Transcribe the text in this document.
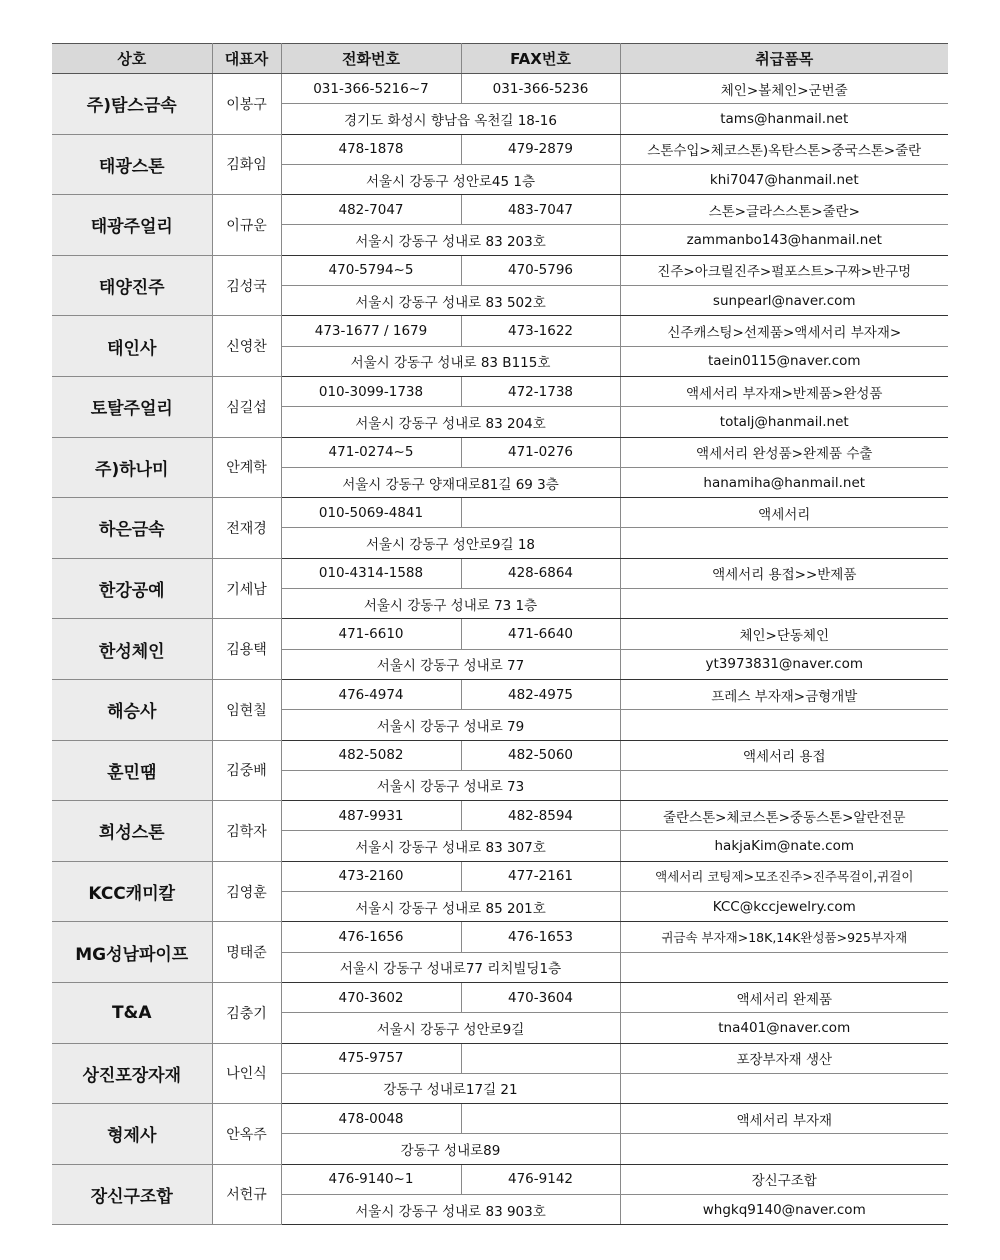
상호	대표자	전화번호	FAX번호	취급품목
주)탐스금속	이봉구	031-366-5216~7	031-366-5236	체인>볼체인>군번줄
		경기도 화성시 향남읍 옥천길 18-16		tams@hanmail.net
태광스톤	김화임	478-1878	479-2879	스톤수입>체코스톤)옥탄스톤>중국스톤>줄란
		서울시 강동구 성안로45 1층		khi7047@hanmail.net
태광주얼리	이규운	482-7047	483-7047	스톤>글라스스톤>줄란>
		서울시 강동구 성내로 83 203호		zammanbo143@hanmail.net
태양진주	김성국	470-5794~5	470-5796	진주>아크릴진주>펄포스트>구짜>반구멍
		서울시 강동구 성내로 83 502호		sunpearl@naver.com
태인사	신영찬	473-1677 / 1679	473-1622	신주캐스팅>선제품>액세서리 부자재>
		서울시 강동구 성내로 83 B115호		taein0115@naver.com
토탈주얼리	심길섭	010-3099-1738	472-1738	액세서리 부자재>반제품>완성품
		서울시 강동구 성내로 83 204호		totalj@hanmail.net
주)하나미	안계학	471-0274~5	471-0276	액세서리 완성품>완제품 수출
		서울시 강동구 양재대로81길 69 3층		hanamiha@hanmail.net
하은금속	전재경	010-5069-4841		액세서리
		서울시 강동구 성안로9길 18		
한강공예	기세남	010-4314-1588	428-6864	액세서리 용접>>반제품
		서울시 강동구 성내로 73 1층		
한성체인	김용택	471-6610	471-6640	체인>단동체인
		서울시 강동구 성내로 77		yt3973831@naver.com
해승사	임현칠	476-4974	482-4975	프레스 부자재>금형개발
		서울시 강동구 성내로 79		
훈민땜	김중배	482-5082	482-5060	액세서리 용접
		서울시 강동구 성내로 73		
희성스톤	김학자	487-9931	482-8594	줄란스톤>체코스톤>중동스톤>알란전문
		서울시 강동구 성내로 83 307호		hakjaKim@nate.com
KCC캐미칼	김영훈	473-2160	477-2161	액세서리 코팅제>모조진주>진주목걸이,귀걸이
		서울시 강동구 성내로 85 201호		KCC@kccjewelry.com
MG성남파이프	명태준	476-1656	476-1653	귀금속 부자재>18K,14K완성품>925부자재
		서울시 강동구 성내로77 리치빌딩1층		
T&A	김충기	470-3602	470-3604	액세서리 완제품
		서울시 강동구 성안로9길		tna401@naver.com
상진포장자재	나인식	475-9757		포장부자재 생산
		강동구 성내로17길 21		
형제사	안옥주	478-0048		액세서리 부자재
		강동구 성내로89		
장신구조합	서헌규	476-9140~1	476-9142	장신구조합
		서울시 강동구 성내로 83 903호		whgkq9140@naver.com
